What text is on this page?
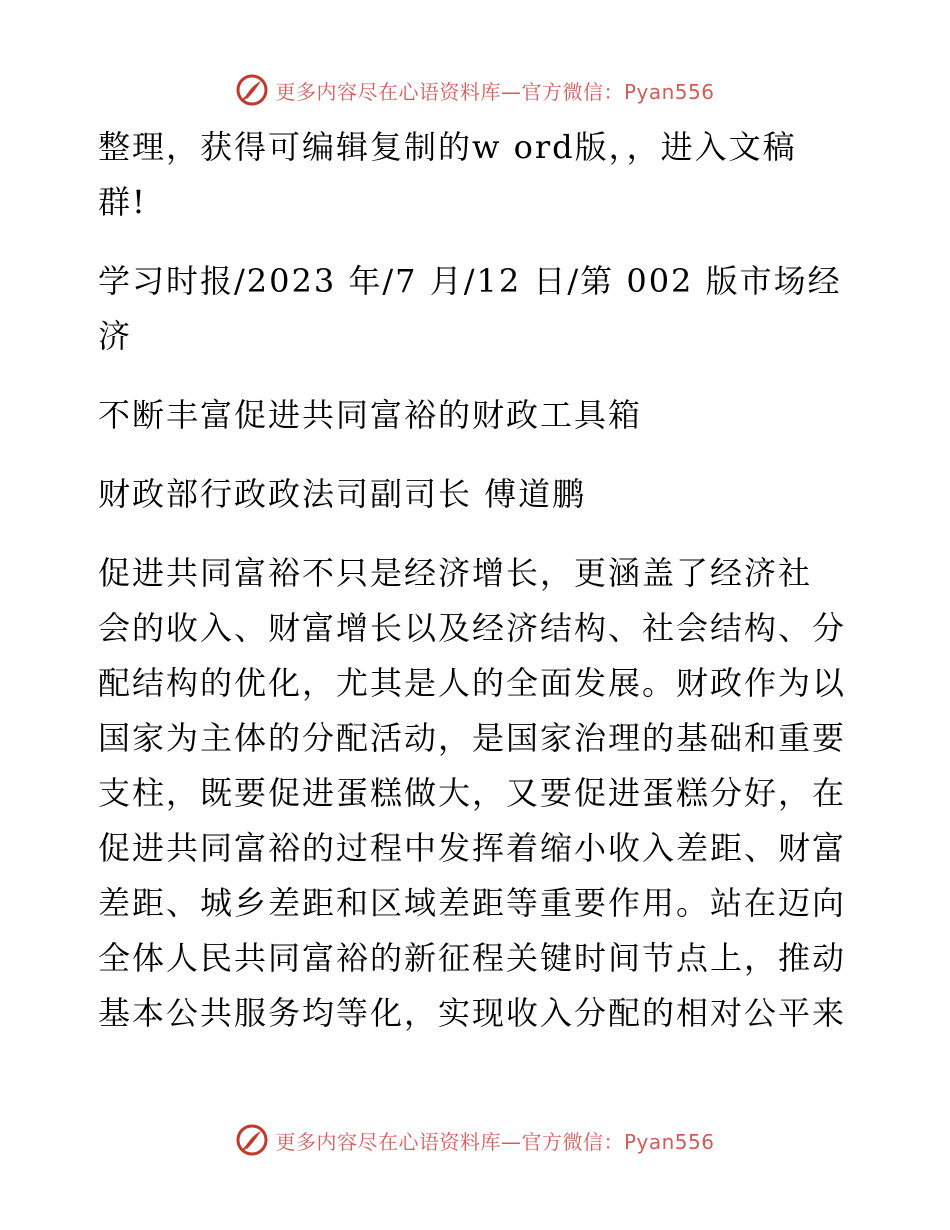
更多内容尽在心语资料库—官方微信：Pyan556
整理，获得可编辑复制的w ord版，，进入文稿
群!
学习时报/2023 年/7 月/12 日/第 002 版市场经
济
不断丰富促进共同富裕的财政工具箱
财政部行政政法司副司长 傅道鹏
促进共同富裕不只是经济增长，更涵盖了经济社
会的收入、财富增长以及经济结构、社会结构、分
配结构的优化，尤其是人的全面发展。财政作为以
国家为主体的分配活动，是国家治理的基础和重要
支柱，既要促进蛋糕做大，又要促进蛋糕分好，在
促进共同富裕的过程中发挥着缩小收入差距、财富
差距、城乡差距和区域差距等重要作用。站在迈向
全体人民共同富裕的新征程关键时间节点上，推动
基本公共服务均等化，实现收入分配的相对公平来
更多内容尽在心语资料库—官方微信：Pyan556
